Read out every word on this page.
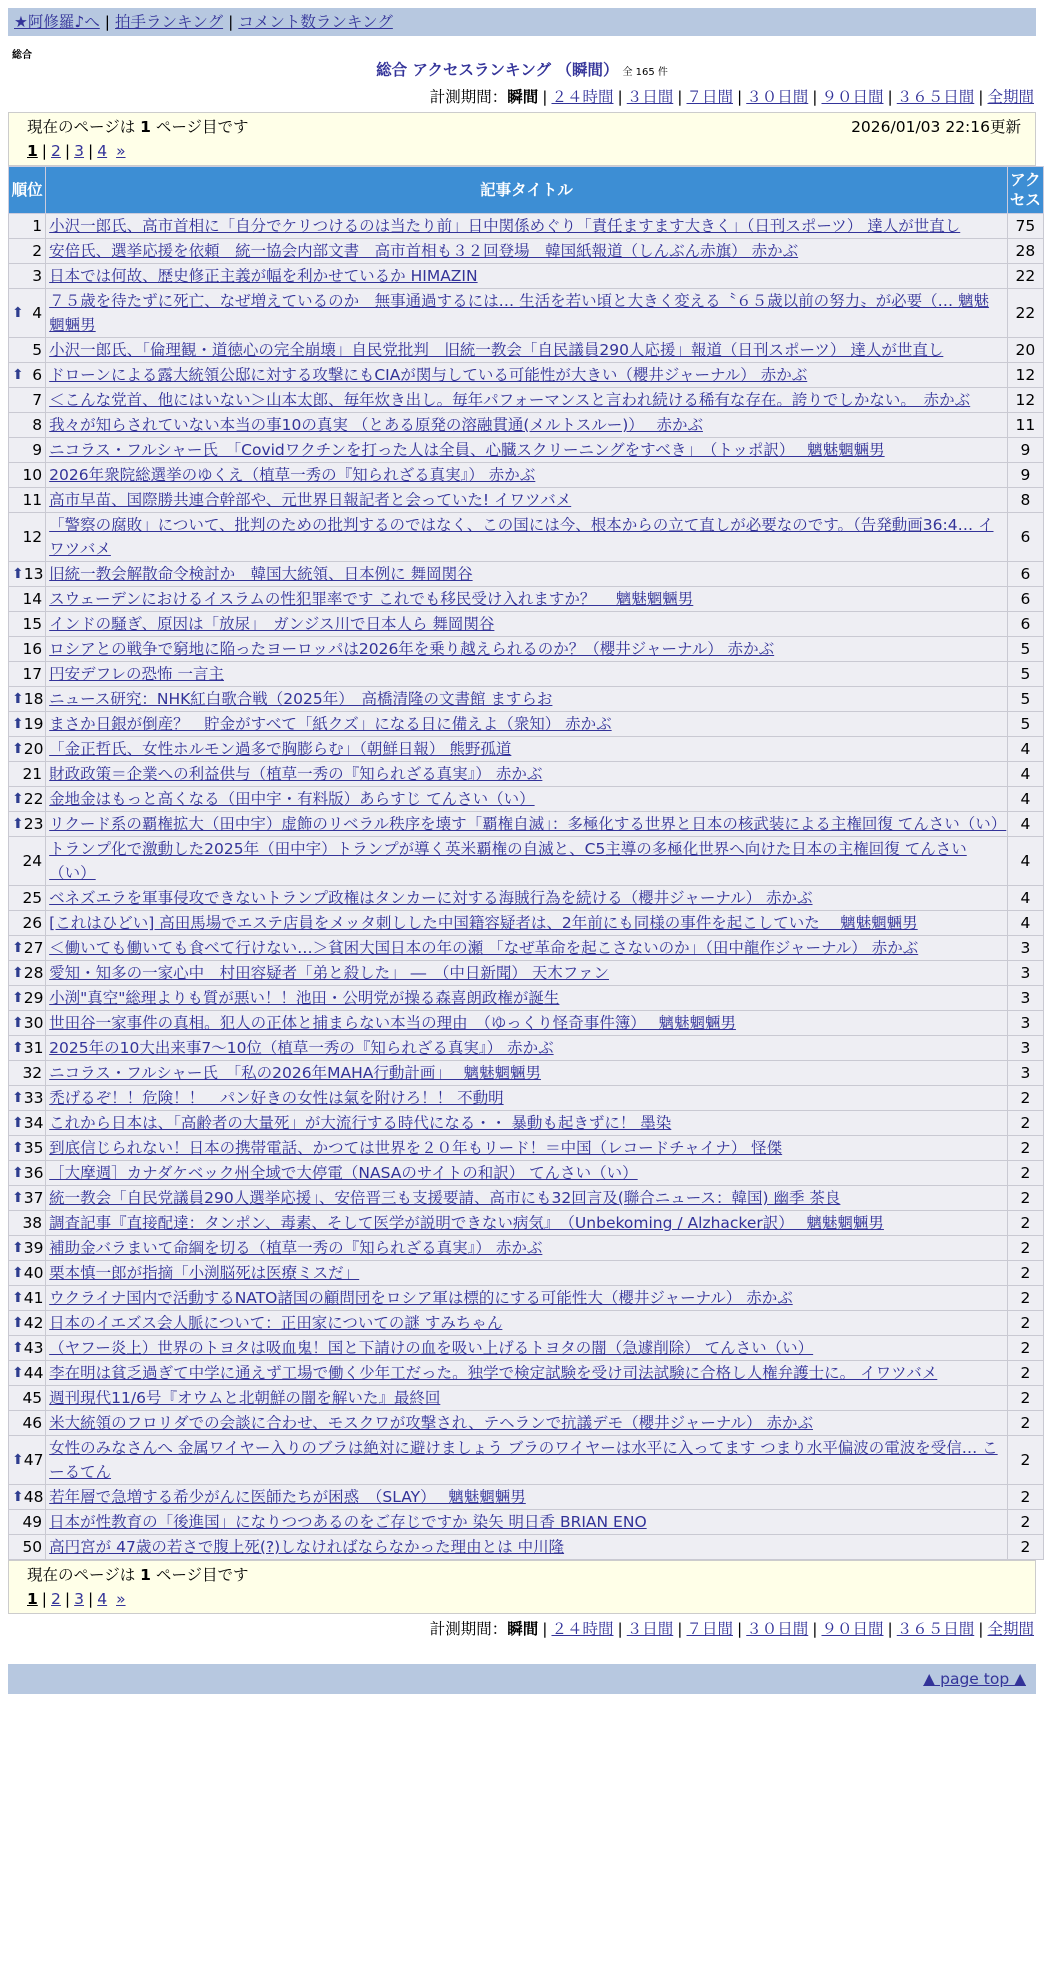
★阿修羅♪へ | 拍手ランキング | コメント数ランキング
総合
総合 アクセスランキング （瞬間） 全 165 件
計測期間：瞬間 | ２４時間 | ３日間 | ７日間 | ３０日間 | ９０日間 | ３６５日間 | 全期間
現在のページは 1 ページ目です	2026/01/03 22:16更新
1 | 2 | 3 | 4 »
順位	記事タイトル	アクセス
1	小沢一郎氏、高市首相に「自分でケリつけるのは当たり前」日中関係めぐり「責任ますます大きく」（日刊スポーツ） 達人が世直し	75
2	安倍氏、選挙応援を依頼　統一協会内部文書　高市首相も３２回登場　韓国紙報道（しんぶん赤旗） 赤かぶ	28
3	日本では何故、歴史修正主義が幅を利かせているか HIMAZIN	22

⬆ 4	７５歳を待たずに死亡、なぜ増えているのか　無事通過するには… 生活を若い頃と大きく変える〝６５歳以前の努力〟が必要（… 魑魅魍魎男	22
5	小沢一郎氏、「倫理観・道徳心の完全崩壊」自民党批判　旧統一教会「自民議員290人応援」報道（日刊スポーツ） 達人が世直し	20

⬆ 6	ドローンによる露大統領公邸に対する攻撃にもCIAが関与している可能性が大きい（櫻井ジャーナル） 赤かぶ	12
7	＜こんな党首、他にはいない＞山本太郎、毎年炊き出し。毎年パフォーマンスと言われ続ける稀有な存在。誇りでしかない。　赤かぶ	12
8	我々が知らされていない本当の事10の真実 （とある原発の溶融貫通(メルトスルー)）　 赤かぶ	11
9	ニコラス・フルシャー氏　「Covidワクチンを打った人は全員、心臓スクリーニングをすべき」　（トッポ訳）　 魑魅魍魎男	9
10	2026年衆院総選挙のゆくえ（植草一秀の『知られざる真実』） 赤かぶ	9
11	高市早苗、国際勝共連合幹部や、元世界日報記者と会っていた! イワツバメ	8
12	「警察の腐敗」について、批判のための批判するのではなく、この国には今、根本からの立て直しが必要なのです。（告発動画36:4… イワツバメ	6

⬆ 13	旧統一教会解散命令検討か　韓国大統領、日本例に 舞岡関谷	6
14	スウェーデンにおけるイスラムの性犯罪率です これでも移民受け入れますか？　 魑魅魍魎男	6
15	インドの騒ぎ、原因は「放尿」　ガンジス川で日本人ら 舞岡関谷	6
16	ロシアとの戦争で窮地に陥ったヨーロッパは2026年を乗り越えられるのか？（櫻井ジャーナル） 赤かぶ	5
17	円安デフレの恐怖 一言主	5

⬆ 18	ニュース研究：NHK紅白歌合戦（2025年）　高橋清隆の文書館 ますらお	5

⬆ 19	まさか日銀が倒産？　貯金がすべて「紙クズ」になる日に備えよ（衆知） 赤かぶ	5

⬆ 20	「金正哲氏、女性ホルモン過多で胸膨らむ」（朝鮮日報） 熊野孤道	4
21	財政政策＝企業への利益供与（植草一秀の『知られざる真実』） 赤かぶ	4

⬆ 22	金地金はもっと高くなる（田中宇・有料版）あらすじ てんさい（い）	4

⬆ 23	リクード系の覇権拡大（田中宇）虚飾のリベラル秩序を壊す「覇権自滅」：多極化する世界と日本の核武装による主権回復 てんさい（い）	4
24	トランプ化で激動した2025年（田中宇）トランプが導く英米覇権の自滅と、C5主導の多極化世界へ向けた日本の主権回復 てんさい（い）	4
25	ベネズエラを軍事侵攻できないトランプ政権はタンカーに対する海賊行為を続ける（櫻井ジャーナル） 赤かぶ	4
26	[これはひどい] 高田馬場でエステ店員をメッタ刺しした中国籍容疑者は、2年前にも同様の事件を起こしていた　 魑魅魍魎男	4

⬆ 27	＜働いても働いても食べて行けない…＞貧困大国日本の年の瀬 「なぜ革命を起こさないのか」（田中龍作ジャーナル） 赤かぶ	3

⬆ 28	愛知・知多の一家心中　村田容疑者「弟と殺した」 ―　（中日新聞） 天木ファン	3

⬆ 29	小渕"真空"総理よりも質が悪い！！池田・公明党が操る森喜朗政権が誕生	3

⬆ 30	世田谷一家事件の真相。犯人の正体と捕まらない本当の理由　（ゆっくり怪奇事件簿）　 魑魅魍魎男	3

⬆ 31	2025年の10大出来事7～10位（植草一秀の『知られざる真実』） 赤かぶ	3
32	ニコラス・フルシャー氏　「私の2026年MAHA行動計画」　 魑魅魍魎男	3

⬆ 33	禿げるぞ！！危険！！　パン好きの女性は氣を附けろ！！ 不動明	2

⬆ 34	これから日本は、「高齢者の大量死」が大流行する時代になる・・ 暴動も起きずに！ 墨染	2

⬆ 35	到底信じられない！日本の携帯電話、かつては世界を２０年もリード！＝中国（レコードチャイナ） 怪傑	2

⬆ 36	［大摩週］カナダケベック州全域で大停電（NASAのサイトの和訳） てんさい（い）	2

⬆ 37	統一教会「自民党議員290人選挙応援」、安倍晋三も支援要請、高市にも32回言及(聯合ニュース：韓国) 幽季 茶良	2
38	調査記事『直接配達：タンポン、毒素、そして医学が説明できない病気』　（Unbekoming / Alzhacker訳）　 魑魅魍魎男	2

⬆ 39	補助金バラまいて命綱を切る（植草一秀の『知られざる真実』） 赤かぶ	2

⬆ 40	栗本慎一郎が指摘「小渕脳死は医療ミスだ」	2

⬆ 41	ウクライナ国内で活動するNATO諸国の顧問団をロシア軍は標的にする可能性大（櫻井ジャーナル） 赤かぶ	2

⬆ 42	日本のイエズス会人脈について：正田家についての謎 すみちゃん	2

⬆ 43	（ヤフー炎上）世界のトヨタは吸血鬼！国と下請けの血を吸い上げるトヨタの闇（急遽削除） てんさい（い）	2

⬆ 44	李在明は貧乏過ぎて中学に通えず工場で働く少年工だった。独学で検定試験を受け司法試験に合格し人権弁護士に。 イワツバメ	2
45	週刊現代11/6号『オウムと北朝鮮の闇を解いた』最終回	2
46	米大統領のフロリダでの会談に合わせ、モスクワが攻撃され、テヘランで抗議デモ（櫻井ジャーナル） 赤かぶ	2

⬆ 47	女性のみなさんへ 金属ワイヤー入りのブラは絶対に避けましょう ブラのワイヤーは水平に入ってます つまり水平偏波の電波を受信… こーるてん	2

⬆ 48	若年層で急増する希少がんに医師たちが困惑　（SLAY）　 魑魅魍魎男	2
49	日本が性教育の「後進国」になりつつあるのをご存じですか 染矢 明日香 BRIAN ENO	2
50	高円宮が 47歳の若さで腹上死(?)しなければならなかった理由とは 中川隆	2
現在のページは 1 ページ目です
1 | 2 | 3 | 4 »
計測期間：瞬間 | ２４時間 | ３日間 | ７日間 | ３０日間 | ９０日間 | ３６５日間 | 全期間
▲ page top ▲
